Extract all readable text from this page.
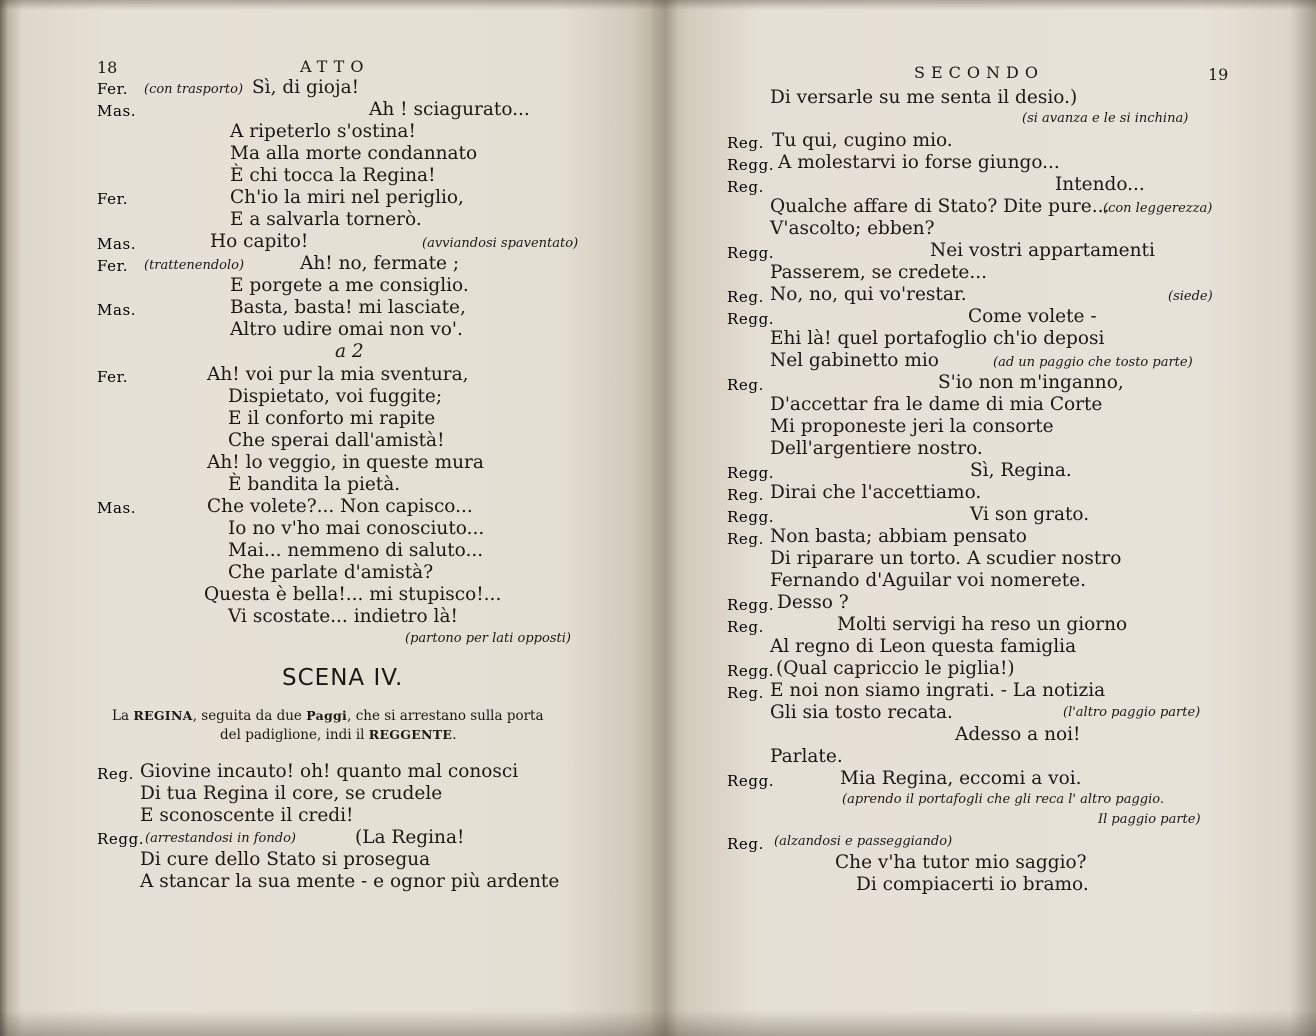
18	ATTO
Fer. (con trasporto) Sì, di gioja!
Mas.	Ah ! sciagurato...
A ripeterlo s'ostina!
Ma alla morte condannato
È chi tocca la Regina!
Fer.	Ch'io la miri nel periglio,
E a salvarla tornerò.
Mas.	Ho capito!	(avviandosi spaventato)
Fer. (trattenendolo)	Ah! no, fermate ;
E porgete a me consiglio.
Mas.	Basta, basta! mi lasciate,
Altro udire omai non vo'.
a 2
Fer.	Ah! voi pur la mia sventura,
Dispietato, voi fuggite;
E il conforto mi rapite
Che sperai dall'amistà!
Ah! lo veggio, in queste mura
È bandita la pietà.
Mas.	Che volete?... Non capisco...
Io no v'ho mai conosciuto...
Mai... nemmeno di saluto...
Che parlate d'amistà?
Questa è bella!... mi stupisco!...
Vi scostate... indietro là!
(partono per lati opposti)
SCENA IV.
La REGINA, seguita da due Paggi, che si arrestano sulla porta
del padiglione, indi il REGGENTE.
Reg. Giovine incauto! oh! quanto mal conosci
Di tua Regina il core, se crudele
E sconoscente il credi!
Regg. (arrestandosi in fondo)	(La Regina!
Di cure dello Stato si prosegua
A stancar la sua mente - e ognor più ardente
SECONDO	19
Di versarle su me senta il desio.)
(si avanza e le si inchina)
Reg. Tu qui, cugino mio.
Regg. A molestarvi io forse giungo...
Reg.	Intendo...
Qualche affare di Stato? Dite pure...
(con leggerezza)
V'ascolto; ebben?
Regg.	Nei vostri appartamenti
Passerem, se credete...
Reg. No, no, qui vo'restar.	(siede)
Regg.	Come volete -
Ehi là! quel portafoglio ch'io deposi
Nel gabinetto mio	(ad un paggio che tosto parte)
Reg.	S'io non m'inganno,
D'accettar fra le dame di mia Corte
Mi proponeste jeri la consorte
Dell'argentiere nostro.
Regg.	Sì, Regina.
Reg. Dirai che l'accettiamo.
Regg.	Vi son grato.
Reg. Non basta; abbiam pensato
Di riparare un torto. A scudier nostro
Fernando d'Aguilar voi nomerete.
Regg. Desso ?
Reg.	Molti servigi ha reso un giorno
Al regno di Leon questa famiglia
Regg. (Qual capriccio le piglia!)
Reg. E noi non siamo ingrati. - La notizia
Gli sia tosto recata.	(l'altro paggio parte)
Adesso a noi!
Parlate.
Regg.	Mia Regina, eccomi a voi.
(aprendo il portafogli che gli reca l' altro paggio.
Il paggio parte)
Reg. (alzandosi e passeggiando)
Che v'ha tutor mio saggio?
Di compiacerti io bramo.
